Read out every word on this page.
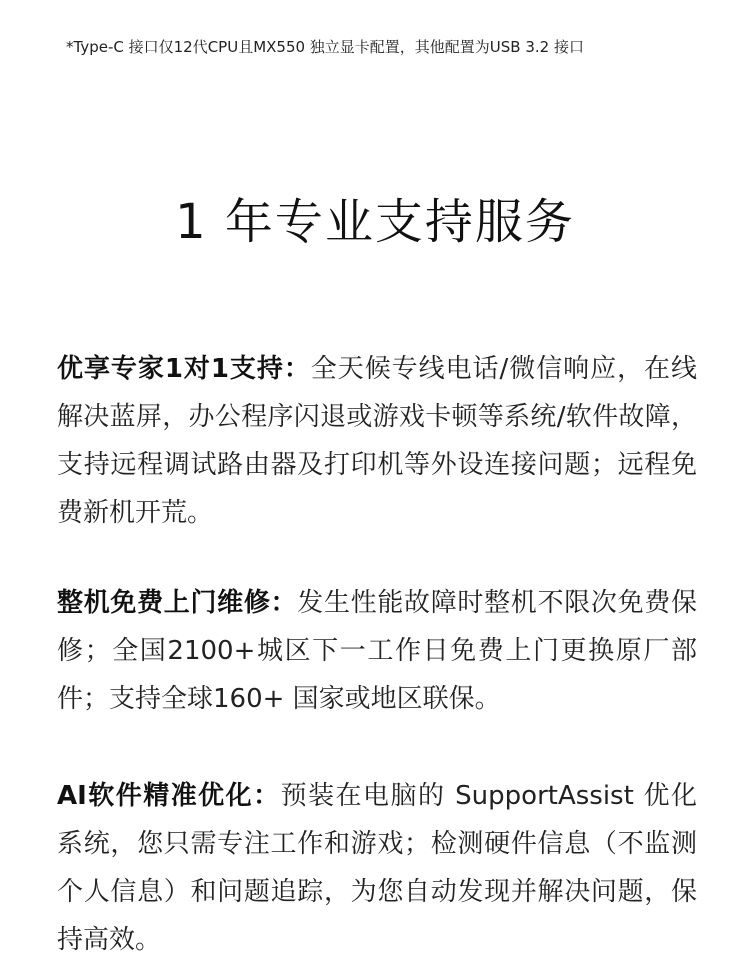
*Type-C 接口仅12代CPU且MX550 独立显卡配置，其他配置为USB 3.2 接口
1 年专业支持服务

优享专家1对1支持：全天候专线电话/微信响应，在线解决蓝屏，办公程序闪退或游戏卡顿等系统/软件故障，支持远程调试路由器及打印机等外设连接问题；远程免费新机开荒。

整机免费上门维修：发生性能故障时整机不限次免费保修；全国2100+城区下一工作日免费上门更换原厂部件；支持全球160+ 国家或地区联保。

AI软件精准优化：预装在电脑的 SupportAssist 优化系统，您只需专注工作和游戏；检测硬件信息（不监测个人信息）和问题追踪，为您自动发现并解决问题，保持高效。
